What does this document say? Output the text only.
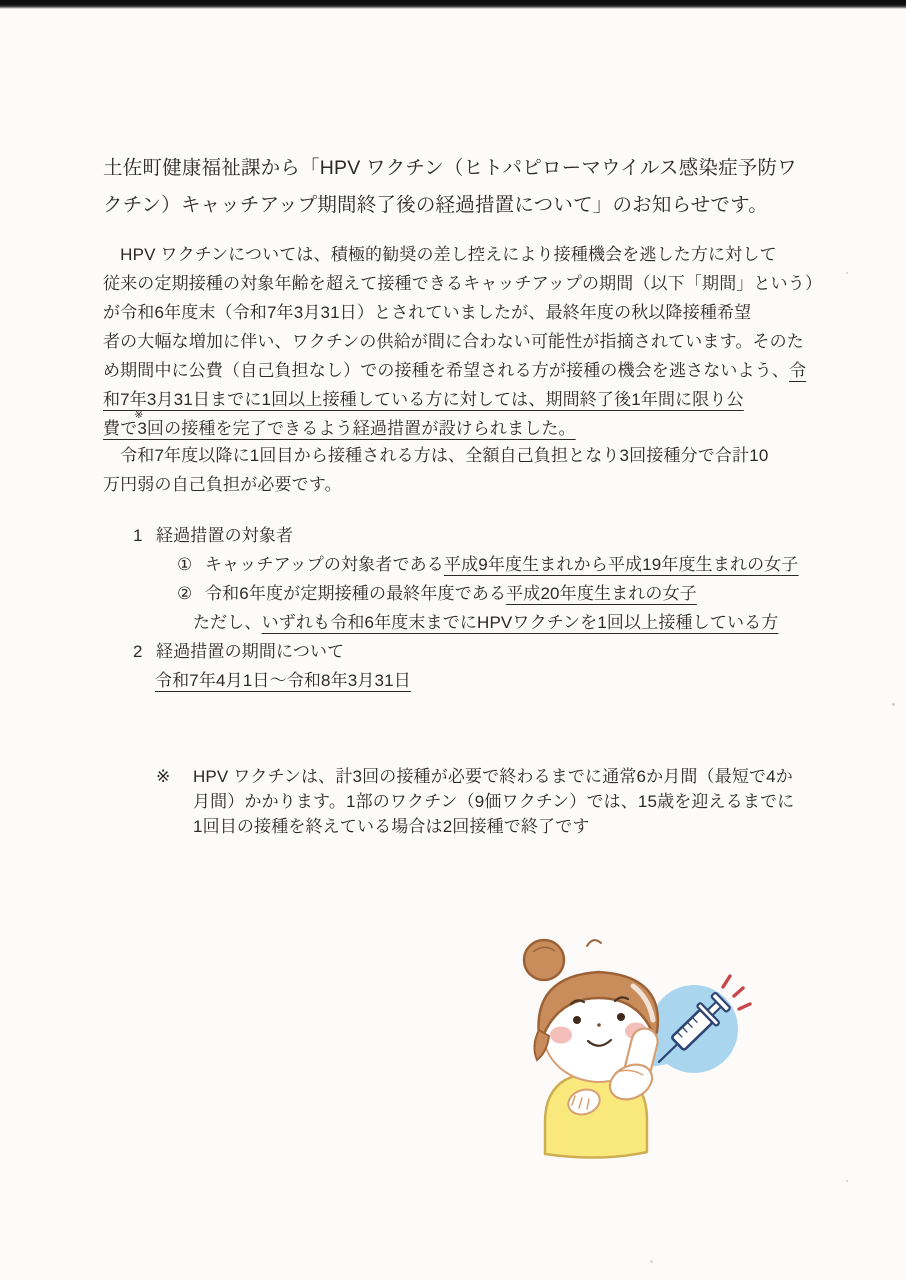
土佐町健康福祉課から「HPV ワクチン（ヒトパピローマウイルス感染症予防ワ
クチン）キャッチアップ期間終了後の経過措置について」のお知らせです。
　HPV ワクチンについては、積極的勧奨の差し控えにより接種機会を逃した方に対して
従来の定期接種の対象年齢を超えて接種できるキャッチアップの期間（以下「期間」という）
が令和6年度末（令和7年3月31日）とされていましたが、最終年度の秋以降接種希望
者の大幅な増加に伴い、ワクチンの供給が間に合わない可能性が指摘されています。そのた
め期間中に公費（自己負担なし）での接種を希望される方が接種の機会を逃さないよう、令
和7年3月31日までに1回以上接種している方に対しては、期間終了後1年間に限り公
費で
※
3回の接種を完了できるよう経過措置が設けられました。
　令和7年度以降に1回目から接種される方は、全額自己負担となり3回接種分で合計10
万円弱の自己負担が必要です。
1 経過措置の対象者
① キャッチアップの対象者である平成9年度生まれから平成19年度生まれの女子
② 令和6年度が定期接種の最終年度である平成20年度生まれの女子
ただし、いずれも令和6年度末までにHPVワクチンを1回以上接種している方
2 経過措置の期間について
令和7年4月1日～令和8年3月31日
※	HPV ワクチンは、計3回の接種が必要で終わるまでに通常6か月間（最短で4か
月間）かかります。1部のワクチン（9価ワクチン）では、15歳を迎えるまでに
1回目の接種を終えている場合は2回接種で終了です
